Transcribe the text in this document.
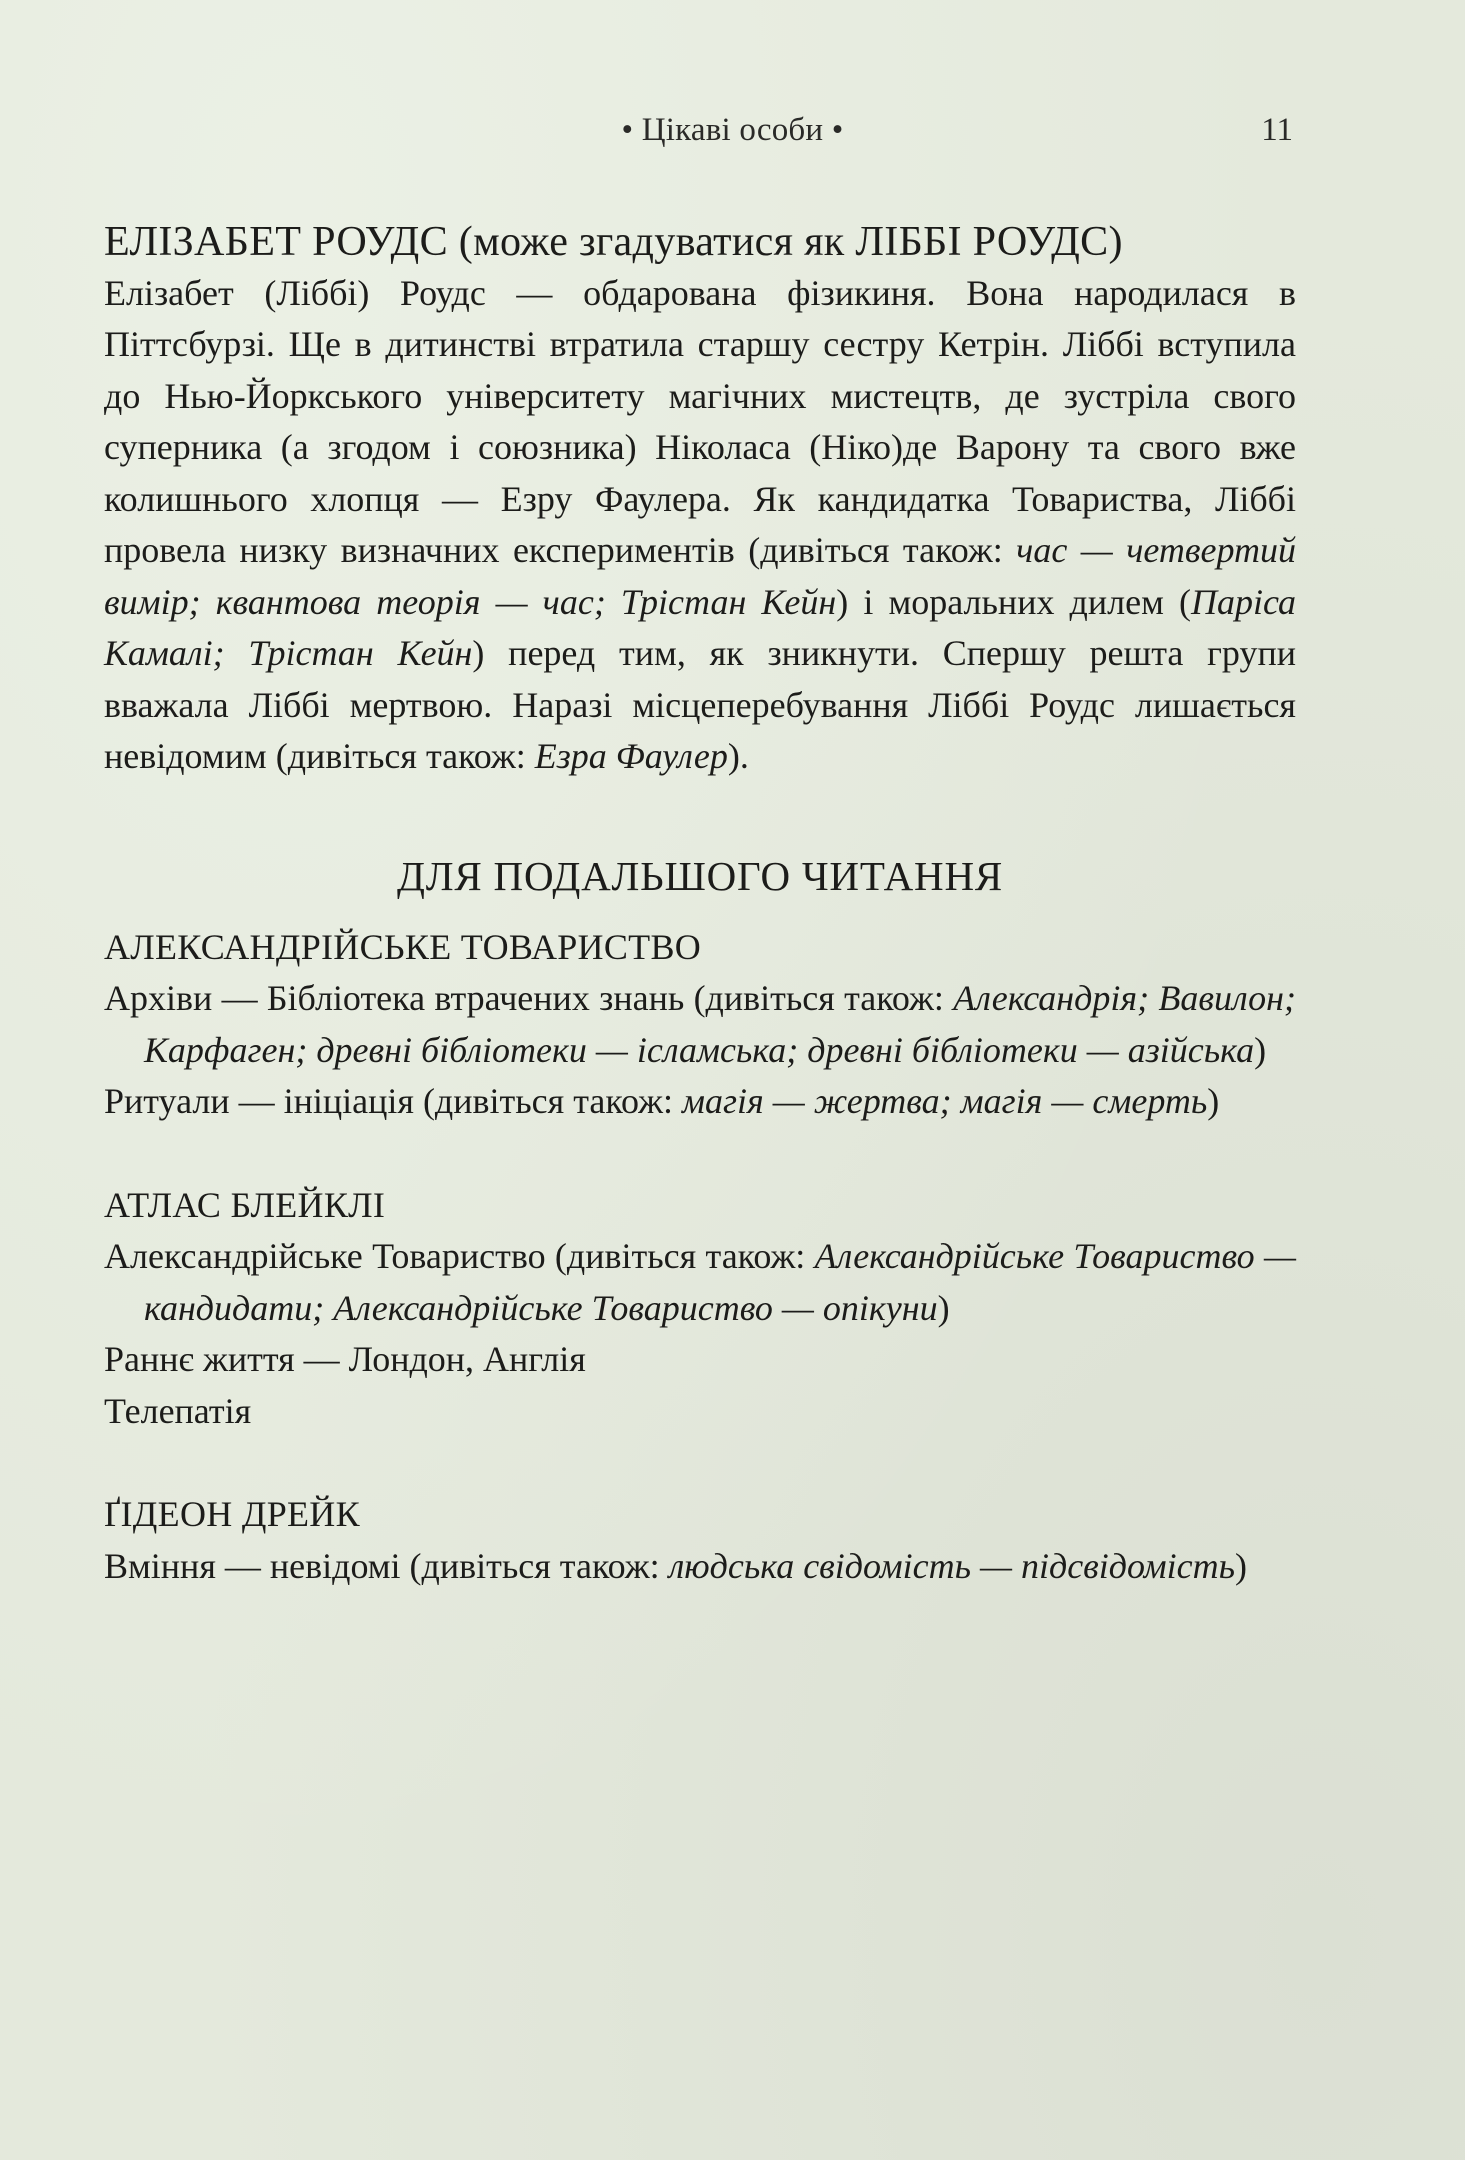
• Цікаві особи •	11
ЕЛІЗАБЕТ РОУДС (може згадуватися як ЛІББІ РОУДС)

Елізабет (Ліббі) Роудс — обдарована фізикиня. Вона народилася в Піттсбурзі. Ще в дитинстві втратила старшу сестру Кетрін. Ліббі вступила до Нью-Йоркського університету магічних мистецтв, де зустріла свого суперника (а згодом і союзника) Ніколаса (Ніко)де Варону та свого вже колишнього хлопця — Езру Фаулера. Як кандидатка Товариства, Ліббі провела низку визначних експериментів (дивіться також: час — четвертий вимір; квантова теорія — час; Трістан Кейн) і моральних дилем (Паріса Камалі; Трістан Кейн) перед тим, як зникнути. Спершу решта групи вважала Ліббі мертвою. Наразі місцеперебування Ліббі Роудс лишається невідомим (дивіться також: Езра Фаулер).

ДЛЯ ПОДАЛЬШОГО ЧИТАННЯ
АЛЕКСАНДРІЙСЬКЕ ТОВАРИСТВО

Архіви — Бібліотека втрачених знань (дивіться також: Александрія; Вавилон; Карфаген; древні бібліотеки — ісламська; древні бібліотеки — азійська)

Ритуали — ініціація (дивіться також: магія — жертва; магія — смерть)

АТЛАС БЛЕЙКЛІ

Александрійське Товариство (дивіться також: Александрійське Товариство — кандидати; Александрійське Товариство — опікуни)

Раннє життя — Лондон, Англія

Телепатія

ҐІДЕОН ДРЕЙК

Вміння — невідомі (дивіться також: людська свідомість — підсвідомість)
